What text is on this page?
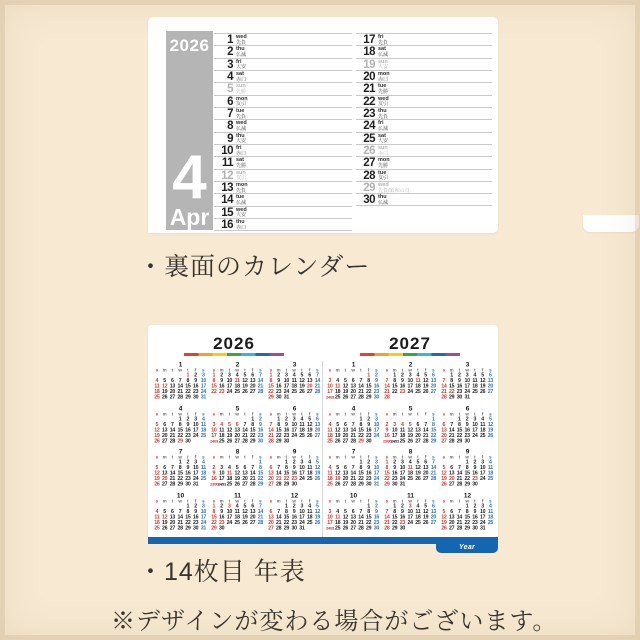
2026
4
Apr
1 wed
先負
2 thu
仏滅
3 fri
大安
4 sat
赤口
5 sun
先勝
6 mon
友引
7 tue
先負
8 wed
仏滅
9 thu
大安
10 fri
赤口
11 sat
先勝
12 sun
友引
13 mon
先負
14 tue
仏滅
15 wed
大安
16 thu
赤口
17 fri
先負
18 sat
仏滅
19 sun
大安
20 mon
赤口
21 tue
先勝
22 wed
友引
23 thu
先負
24 fri
仏滅
25 sat
大安
26 sun
赤口
27 mon
先勝
28 tue
友引
29 wed
先負/昭和の日
30 thu
仏滅
・裏面のカレンダー
2026	2027
1
s m t w t f s
1 2 3
4 5 6 7 8 9 10
11 12 13 14 15 16 17
18 19 20 21 22 23 24
25 26 27 28 29 30 31
2
s m t w t f s
1 2 3 4 5 6 7
8 9 10 11 12 13 14
15 16 17 18 19 20 21
22 23 24 25 26 27 28
3
s m t w t f s
1 2 3 4 5 6 7
8 9 10 11 12 13 14
15 16 17 18 19 20 21
22 23 24 25 26 27 28
29 30 31
4
s m t w t f s
1 2 3 4
5 6 7 8 9 10 11
12 13 14 15 16 17 18
19 20 21 22 23 24 25
26 27 28 29 30
5
s m t w t f s
1 2
3 4 5 6 7 8 9
10 11 12 13 14 15 16
17 18 19 20 21 22 23
24/31 25 26 27 28 29 30
6
s m t w t f s
1 2 3 4 5 6
7 8 9 10 11 12 13
14 15 16 17 18 19 20
21 22 23 24 25 26 27
28 29 30
7
s m t w t f s
1 2 3 4
5 6 7 8 9 10 11
12 13 14 15 16 17 18
19 20 21 22 23 24 25
26 27 28 29 30 31
8
s m t w t f s
1
2 3 4 5 6 7 8
9 10 11 12 13 14 15
16 17 18 19 20 21 22
23/30 24/31 25 26 27 28 29
9
s m t w t f s
1 2 3 4 5
6 7 8 9 10 11 12
13 14 15 16 17 18 19
20 21 22 23 24 25 26
27 28 29 30
10
s m t w t f s
1 2 3
4 5 6 7 8 9 10
11 12 13 14 15 16 17
18 19 20 21 22 23 24
25 26 27 28 29 30 31
11
s m t w t f s
1 2 3 4 5 6 7
8 9 10 11 12 13 14
15 16 17 18 19 20 21
22 23 24 25 26 27 28
29 30
12
s m t w t f s
1 2 3 4 5
6 7 8 9 10 11 12
13 14 15 16 17 18 19
20 21 22 23 24 25 26
27 28 29 30 31
1
s m t w t f s
1 2
3 4 5 6 7 8 9
10 11 12 13 14 15 16
17 18 19 20 21 22 23
24/31 25 26 27 28 29 30
2
s m t w t f s
1 2 3 4 5 6
7 8 9 10 11 12 13
14 15 16 17 18 19 20
21 22 23 24 25 26 27
28
3
s m t w t f s
1 2 3 4 5 6
7 8 9 10 11 12 13
14 15 16 17 18 19 20
21 22 23 24 25 26 27
28 29 30 31
4
s m t w t f s
1 2 3
4 5 6 7 8 9 10
11 12 13 14 15 16 17
18 19 20 21 22 23 24
25 26 27 28 29 30
5
s m t w t f s
1
2 3 4 5 6 7 8
9 10 11 12 13 14 15
16 17 18 19 20 21 22
23/30 24/31 25 26 27 28 29
6
s m t w t f s
1 2 3 4 5
6 7 8 9 10 11 12
13 14 15 16 17 18 19
20 21 22 23 24 25 26
27 28 29 30
7
s m t w t f s
1 2 3
4 5 6 7 8 9 10
11 12 13 14 15 16 17
18 19 20 21 22 23 24
25 26 27 28 29 30 31
8
s m t w t f s
1 2 3 4 5 6 7
8 9 10 11 12 13 14
15 16 17 18 19 20 21
22 23 24 25 26 27 28
29 30 31
9
s m t w t f s
1 2 3 4
5 6 7 8 9 10 11
12 13 14 15 16 17 18
19 20 21 22 23 24 25
26 27 28 29 30
10
s m t w t f s
1 2
3 4 5 6 7 8 9
10 11 12 13 14 15 16
17 18 19 20 21 22 23
24/31 25 26 27 28 29 30
11
s m t w t f s
1 2 3 4 5 6
7 8 9 10 11 12 13
14 15 16 17 18 19 20
21 22 23 24 25 26 27
28 29 30
12
s m t w t f s
1 2 3 4
5 6 7 8 9 10 11
12 13 14 15 16 17 18
19 20 21 22 23 24 25
26 27 28 29 30 31
Year
・14枚目 年表
※デザインが変わる場合がございます。
